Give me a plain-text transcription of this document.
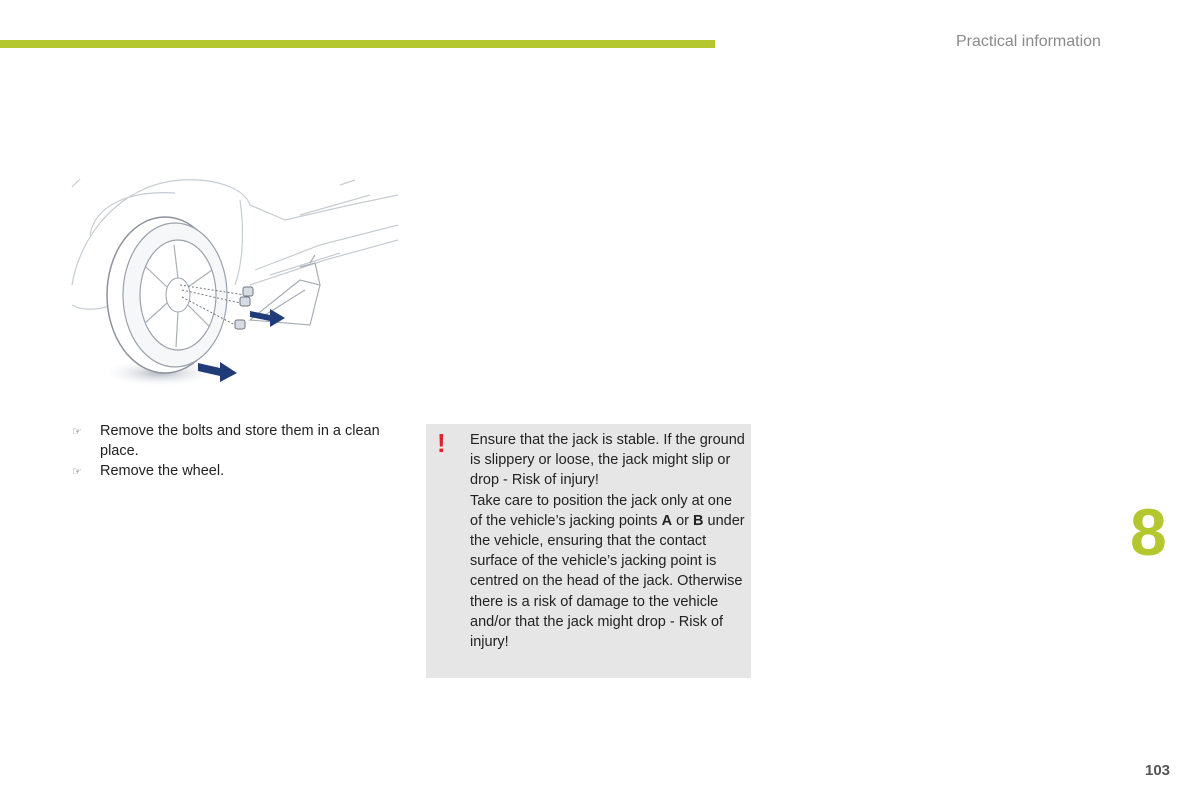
Practical information
☞ Remove the bolts and store them in a clean place.
☞ Remove the wheel.
! Ensure that the jack is stable. If the ground is slippery or loose, the jack might slip or drop - Risk of injury!
Take care to position the jack only at one of the vehicle’s jacking points A or B under the vehicle, ensuring that the contact surface of the vehicle’s jacking point is centred on the head of the jack. Otherwise there is a risk of damage to the vehicle and/or that the jack might drop - Risk of injury!
8
103
